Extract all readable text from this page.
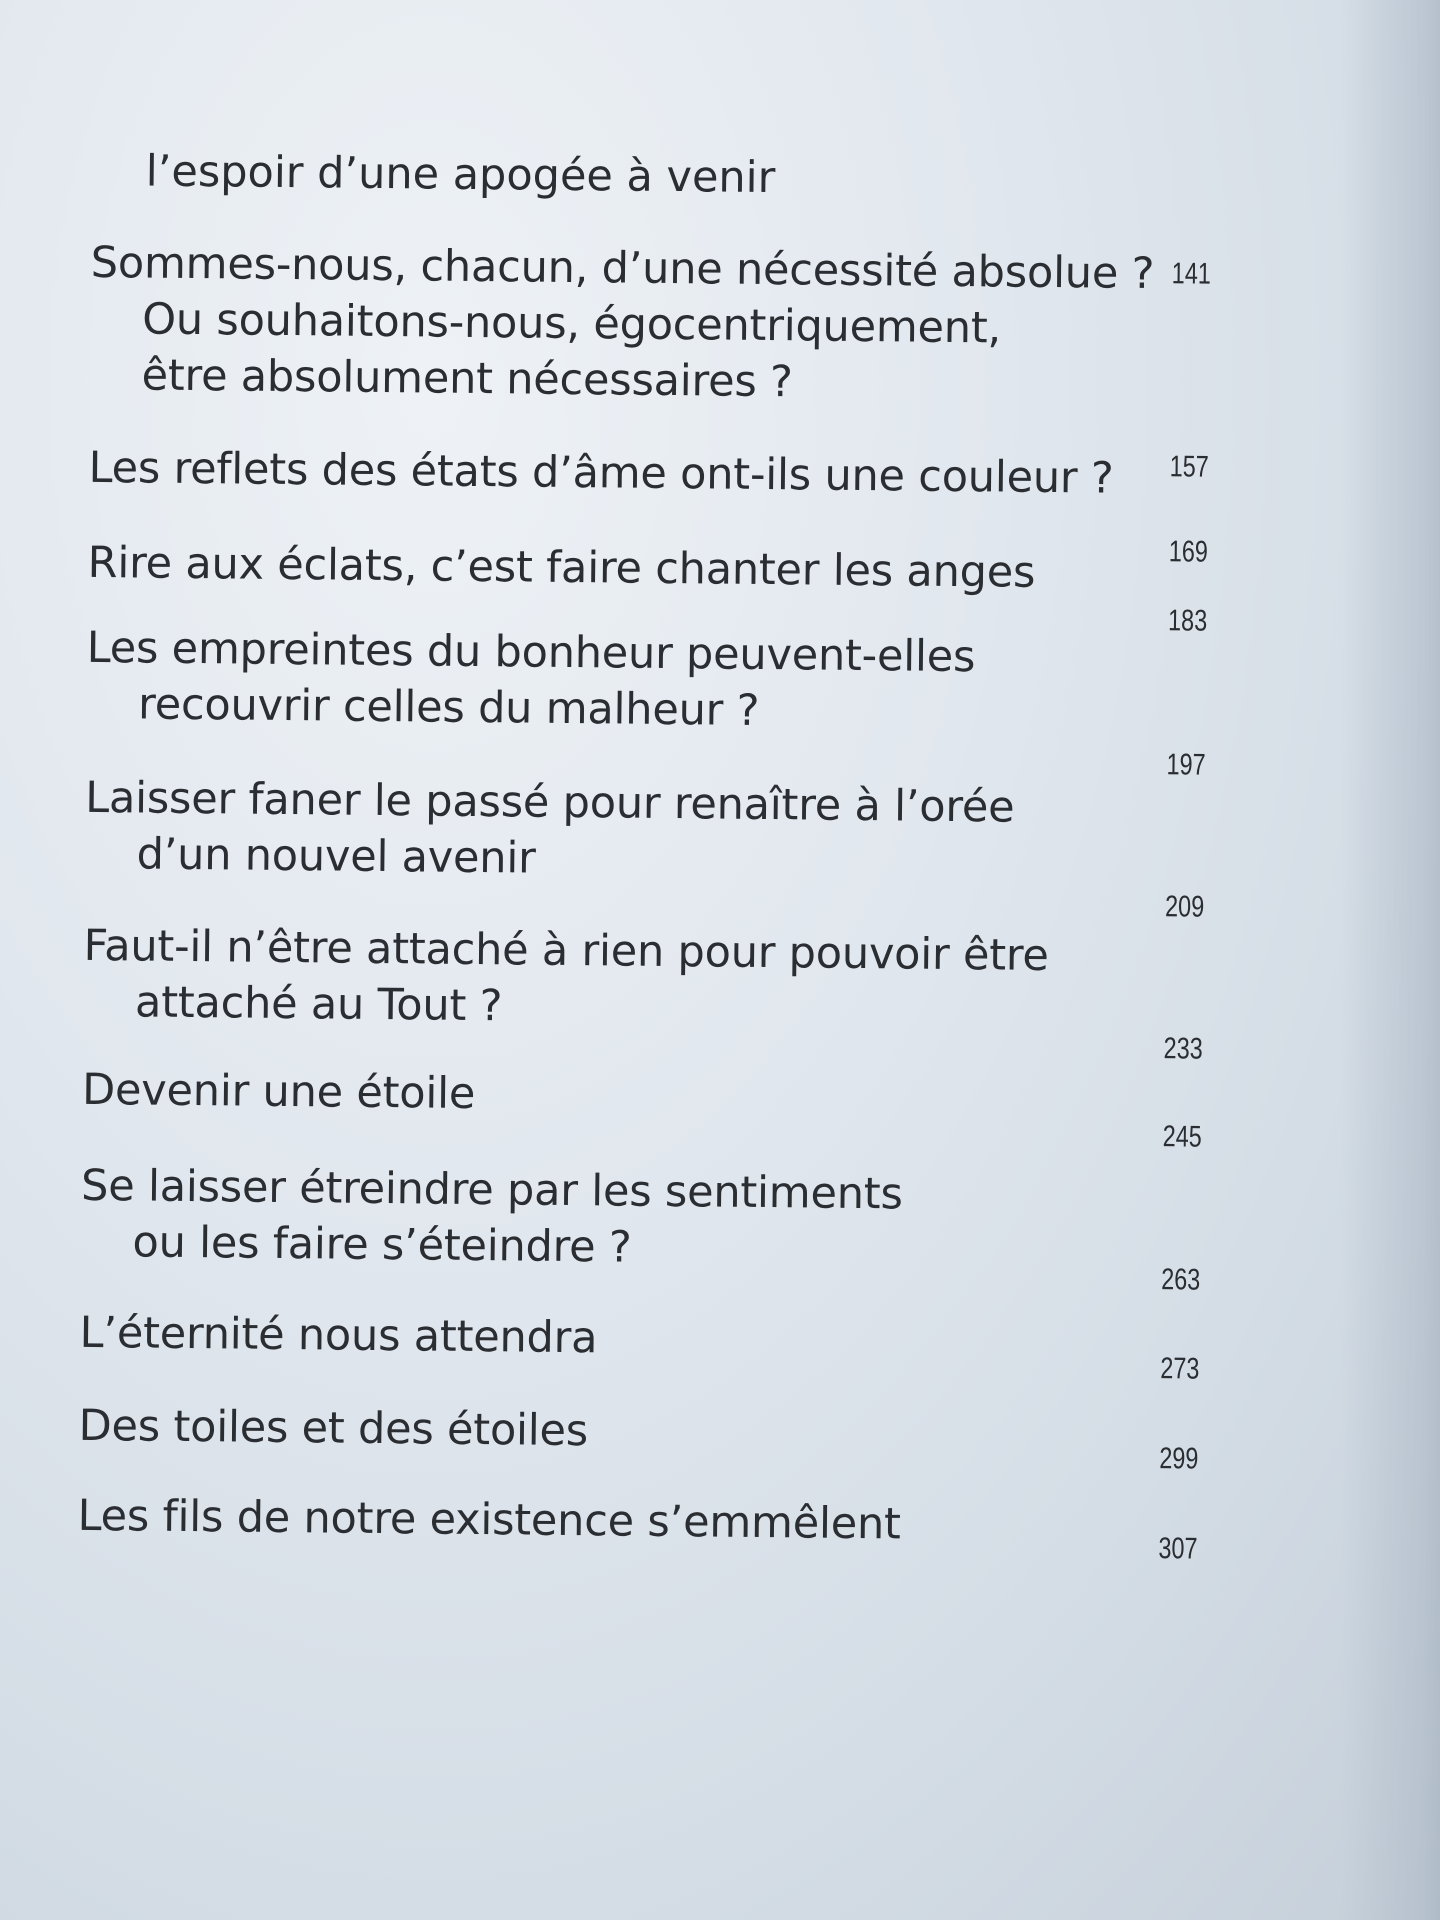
l’espoir d’une apogée à venir
Sommes-nous, chacun, d’une nécessité absolue ?
Ou souhaitons-nous, égocentriquement,
être absolument nécessaires ?
141
Les reflets des états d’âme ont-ils une couleur ?	157
Rire aux éclats, c’est faire chanter les anges	169
Les empreintes du bonheur peuvent-elles
recouvrir celles du malheur ?
183
Laisser faner le passé pour renaître à l’orée
d’un nouvel avenir
197
Faut-il n’être attaché à rien pour pouvoir être
attaché au Tout ?
209
Devenir une étoile
233
Se laisser étreindre par les sentiments
ou les faire s’éteindre ?
245
L’éternité nous attendra
263
Des toiles et des étoiles
273
Les fils de notre existence s’emmêlent
299
307
